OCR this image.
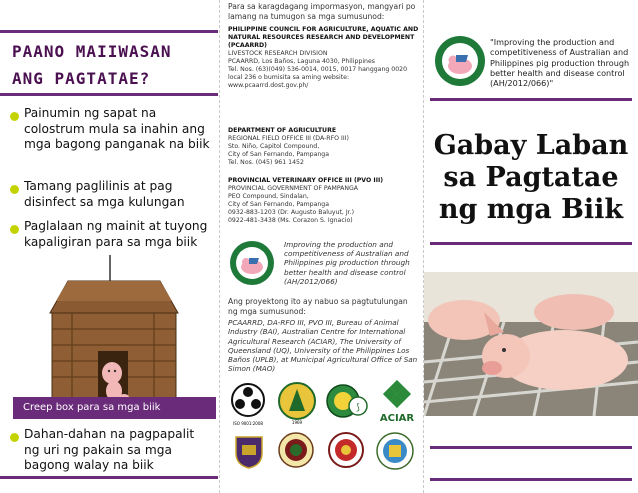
PAANO MAIIWASAN
ANG PAGTATAE?
Painumin ng sapat na colostrum mula sa inahin ang mga bagong panganak na biik
Tamang paglilinis at pag disinfect sa mga kulungan
Paglalaan ng mainit at tuyong kapaligiran para sa mga biik
Creep box para sa mga biik
Dahan-dahan na pagpapalit ng uri ng pakain sa mga bagong walay na biik
Para sa karagdagang impormasyon, mangyari po lamang na tumugon sa mga sumusunod:
PHILIPPINE COUNCIL FOR AGRICULTURE, AQUATIC AND NATURAL RESOURCES RESEARCH AND DEVELOPMENT (PCAARRD)
LIVESTOCK RESEARCH DIVISION
PCAARRD, Los Baños, Laguna 4030, Philippines
Tel. Nos. (63)(049) 536-0014, 0015, 0017 hanggang 0020 local 236 o bumisita sa aming website:
www.pcaarrd.dost.gov.ph/
DEPARTMENT OF AGRICULTURE
REGIONAL FIELD OFFICE III (DA-RFO III)
Sto. Niño, Capitol Compound,
City of San Fernando, Pampanga
Tel. Nos. (045) 961 1452
PROVINCIAL VETERINARY OFFICE III (PVO III)
PROVINCIAL GOVERNMENT OF PAMPANGA
PEO Compound, Sindalan,
City of San Fernando, Pampanga
0932-883-1203 (Dr. Augusto Baluyut, Jr.)
0922-481-3438 (Ms. Corazon S. Ignacio)
Improving the production and competitiveness of Australian and Philippines pig production through better health and disease control (AH/2012/066)
Ang proyektong ito ay nabuo sa pagtutulungan ng mga sumusunod:
PCAARRD, DA-RFO III, PVO III, Bureau of Animal Industry (BAI), Australian Centre for International Agricultural Research (ACIAR), The University of Queensland (UQ), University of the Philippines Los Baños (UPLB), at Municipal Agricultural Office of San Simon (MAO)
ISO 9001:2008	1969
⟆
ACIAR
"Improving the production and competitiveness of Australian and Philippines pig production through better health and disease control (AH/2012/066)"
Gabay Laban
sa Pagtatae
ng mga Biik
